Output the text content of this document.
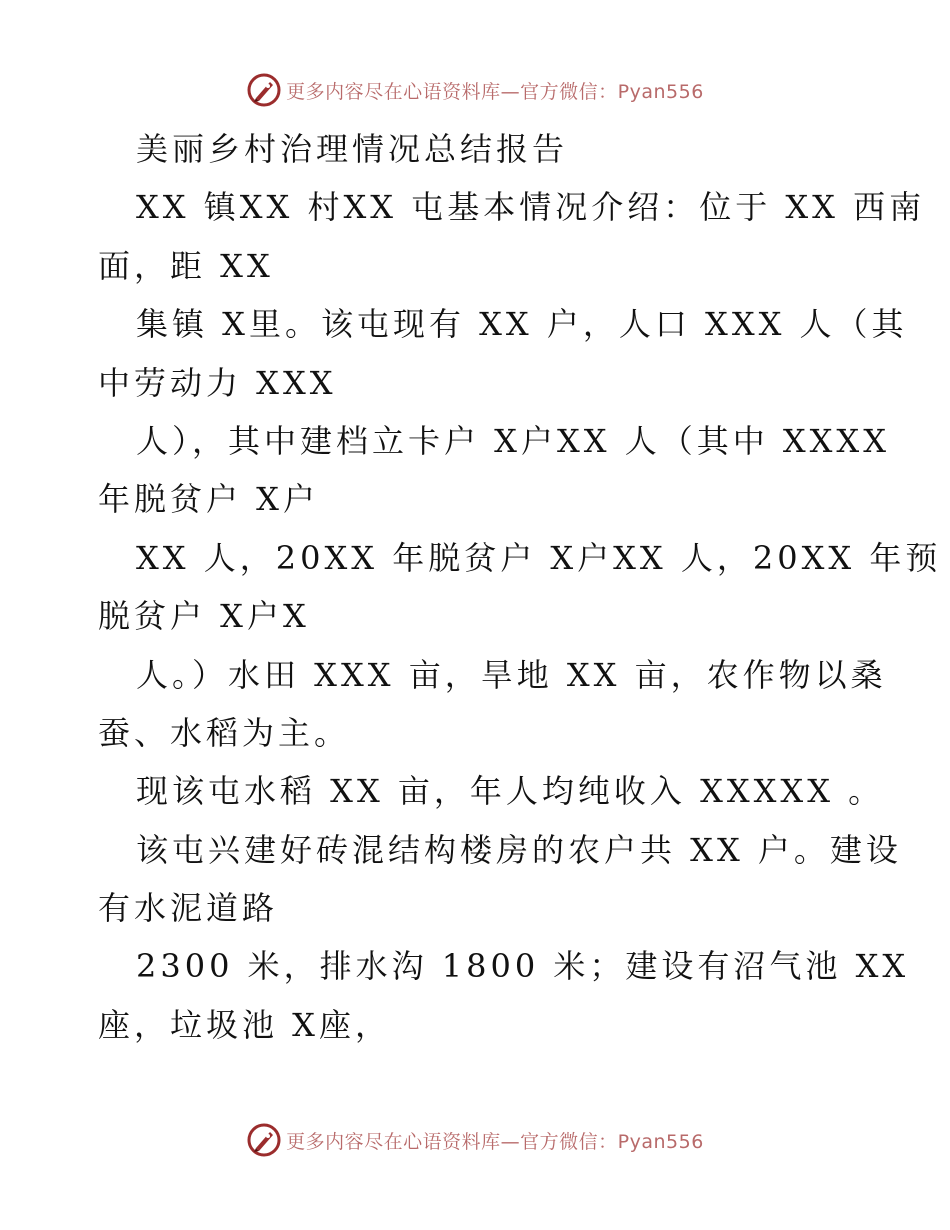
更多内容尽在心语资料库—官方微信：Pyan556
美丽乡村治理情况总结报告
XX 镇XX 村XX 屯基本情况介绍：位于 XX 西南
面，距 XX
集镇 X里。该屯现有 XX 户，人口 XXX 人（其
中劳动力 XXX
人），其中建档立卡户 X户XX 人（其中 XXXX
年脱贫户 X户
XX 人，20XX 年脱贫户 X户XX 人，20XX 年预
脱贫户 X户X
人。）水田 XXX 亩，旱地 XX 亩，农作物以桑
蚕、水稻为主。
现该屯水稻 XX 亩，年人均纯收入 XXXXX 。
该屯兴建好砖混结构楼房的农户共 XX 户。建设
有水泥道路
2300 米，排水沟 1800 米；建设有沼气池 XX
座，垃圾池 X座，
更多内容尽在心语资料库—官方微信：Pyan556
